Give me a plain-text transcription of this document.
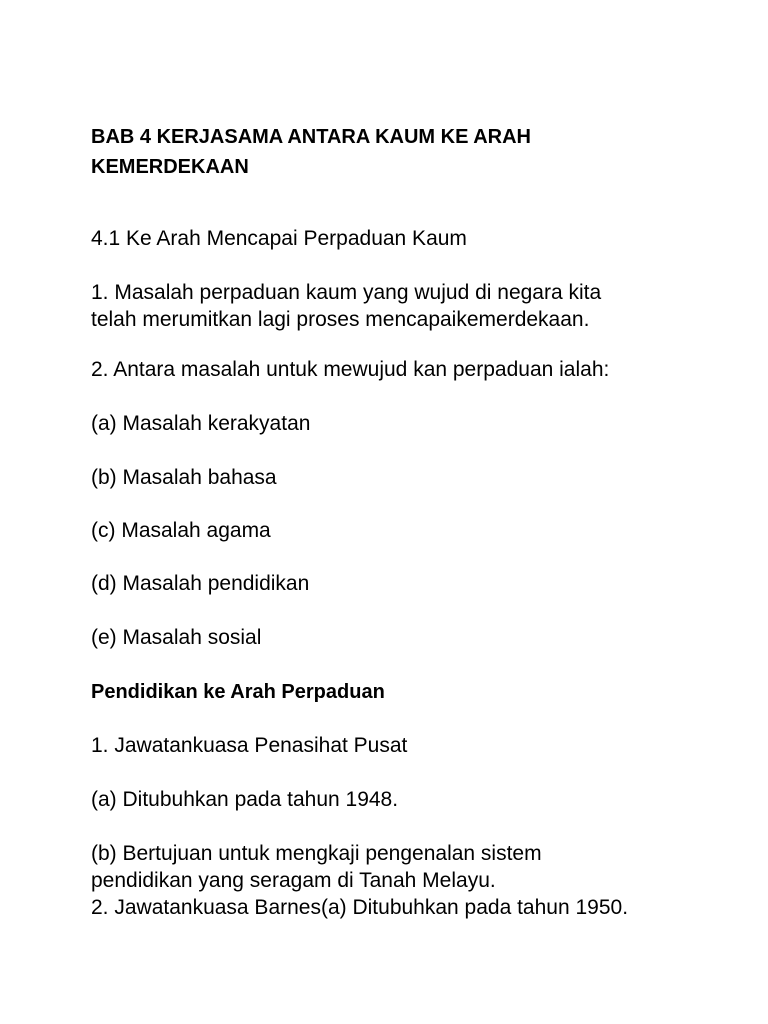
BAB 4 KERJASAMA ANTARA KAUM KE ARAH
KEMERDEKAAN
4.1 Ke Arah Mencapai Perpaduan Kaum
1. Masalah perpaduan kaum yang wujud di negara kita
telah merumitkan lagi proses mencapaikemerdekaan.
2. Antara masalah untuk mewujud kan perpaduan ialah:
(a) Masalah kerakyatan
(b) Masalah bahasa
(c) Masalah agama
(d) Masalah pendidikan
(e) Masalah sosial
Pendidikan ke Arah Perpaduan
1. Jawatankuasa Penasihat Pusat
(a) Ditubuhkan pada tahun 1948.
(b) Bertujuan untuk mengkaji pengenalan sistem
pendidikan yang seragam di Tanah Melayu.
2. Jawatankuasa Barnes(a) Ditubuhkan pada tahun 1950.
